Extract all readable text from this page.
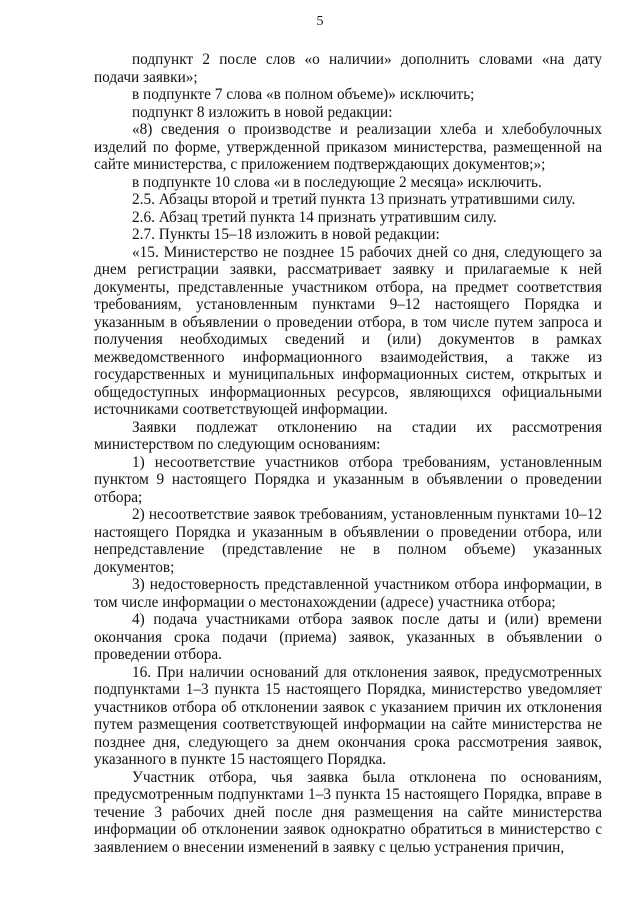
5

подпункт 2 после слов «о наличии» дополнить словами «на дату подачи заявки»;

в подпункте 7 слова «в полном объеме)» исключить;

подпункт 8 изложить в новой редакции:

«8) сведения о производстве и реализации хлеба и хлебобулочных изделий по форме, утвержденной приказом министерства, размещенной на сайте министерства, с приложением подтверждающих документов;»;

в подпункте 10 слова «и в последующие 2 месяца» исключить.

2.5. Абзацы второй и третий пункта 13 признать утратившими силу.

2.6. Абзац третий пункта 14 признать утратившим силу.

2.7. Пункты 15–18 изложить в новой редакции:

«15. Министерство не позднее 15 рабочих дней со дня, следующего за днем регистрации заявки, рассматривает заявку и прилагаемые к ней документы, представленные участником отбора, на предмет соответствия требованиям, установленным пунктами 9–12 настоящего Порядка и указанным в объявлении о проведении отбора, в том числе путем запроса и получения необходимых сведений и (или) документов в рамках межведомственного информационного взаимодействия, а также из государственных и муниципальных информационных систем, открытых и общедоступных информационных ресурсов, являющихся официальными источниками соответствующей информации.

Заявки подлежат отклонению на стадии их рассмотрения министерством по следующим основаниям:

1) несоответствие участников отбора требованиям, установленным пунктом 9 настоящего Порядка и указанным в объявлении о проведении отбора;

2) несоответствие заявок требованиям, установленным пунктами 10–12 настоящего Порядка и указанным в объявлении о проведении отбора, или непредставление (представление не в полном объеме) указанных документов;

3) недостоверность представленной участником отбора информации, в том числе информации о местонахождении (адресе) участника отбора;

4) подача участниками отбора заявок после даты и (или) времени окончания срока подачи (приема) заявок, указанных в объявлении о проведении отбора.

16. При наличии оснований для отклонения заявок, предусмотренных подпунктами 1–3 пункта 15 настоящего Порядка, министерство уведомляет участников отбора об отклонении заявок с указанием причин их отклонения путем размещения соответствующей информации на сайте министерства не позднее дня, следующего за днем окончания срока рассмотрения заявок, указанного в пункте 15 настоящего Порядка.

Участник отбора, чья заявка была отклонена по основаниям, предусмотренным подпунктами 1–3 пункта 15 настоящего Порядка, вправе в течение 3 рабочих дней после дня размещения на сайте министерства информации об отклонении заявок однократно обратиться в министерство с заявлением о внесении изменений в заявку с целью устранения причин,
